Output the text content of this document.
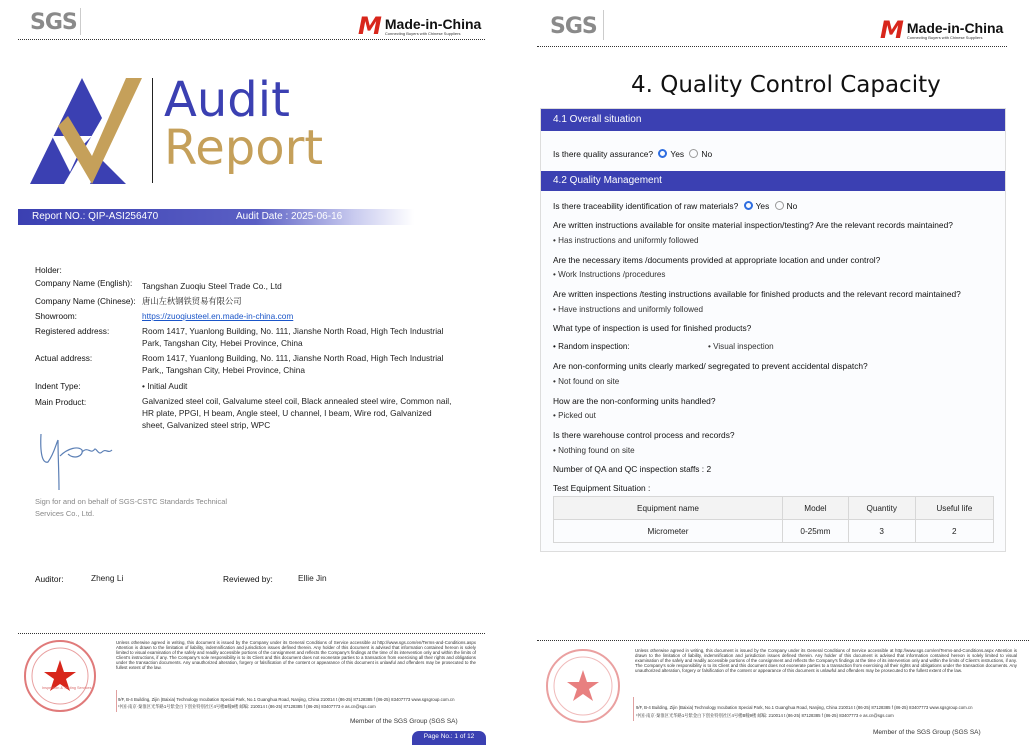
SGS	M Made-in-China
Connecting Buyers with Chinese Suppliers
Audit
Report
Report NO.: QIP-ASI256470	Audit Date : 2025-06-16
Holder:
Company Name (English): Tangshan Zuoqiu Steel Trade Co., Ltd
Company Name (Chinese): 唐山左秋钢铁贸易有限公司
Showroom:	https://zuoqiusteel.en.made-in-china.com
Registered address:	Room 1417, Yuanlong Building, No. 111, Jianshe North Road, High Tech Industrial Park, Tangshan City, Hebei Province, China
Actual address:	Room 1417, Yuanlong Building, No. 111, Jianshe North Road, High Tech Industrial Park,, Tangshan City, Hebei Province, China
Indent Type:	• Initial Audit
Main Product:	Galvanized steel coil, Galvalume steel coil, Black annealed steel wire, Common nail, HR plate, PPGI, H beam, Angle steel, U channel, I beam, Wire rod, Galvanized sheet, Galvanized steel strip, WPC
Sign for and on behalf of SGS-CSTC Standards Technical Services Co., Ltd.
Auditor:	Zheng Li	Reviewed by:	Ellie Jin
Inspection & Testing Services
Unless otherwise agreed in writing, this document is issued by the Company under its General Conditions of Service accessible at http://www.sgs.com/en/Terms-and-Conditions.aspx Attention is drawn to the limitation of liability, indemnification and jurisdiction issues defined therein. Any holder of this document is advised that information contained hereon is solely limited to visual examination of the safely and readily accessible portions of the consignment and reflects the Company's findings at the time of its intervention only and within the limits of Client's instructions, if any. The Company's sole responsibility is to its Client and this document does not exonerate parties to a transaction from exercising all their rights and obligations under the transaction documents. Any unauthorized alteration, forgery or falsification of the content or appearance of this document is unlawful and offenders may be prosecuted to the fullest extent of the law.
9/F, B-4 Building, Zijin (Baixia) Technology Incubation Special Park, No.1 Guanghua Road, Nanjing, China 210014 t (86-25) 87128385 f (86-25) 83407773 www.sgsgroup.com.cn
中国·南京·秦淮区光华路1号紫金白下创业特别社区4号楼B幢9楼 邮编: 210014 t (86-25) 87128385 f (86-25) 83407773 e as.cn@sgs.com
Member of the SGS Group (SGS SA)
Page No.: 1 of 12
SGS	M Made-in-China
Connecting Buyers with Chinese Suppliers
4. Quality Control Capacity
4.1 Overall situation
Is there quality assurance? Yes No
4.2 Quality Management
Is there traceability identification of raw materials? Yes No
Are written instructions available for onsite material inspection/testing? Are the relevant records maintained?
• Has instructions and uniformly followed
Are the necessary items /documents provided at appropriate location and under control?
• Work Instructions /procedures
Are written inspections /testing instructions available for finished products and the relevant record maintained?
• Have instructions and uniformly followed
What type of inspection is used for finished products?
• Random inspection:	• Visual inspection
Are non-conforming units clearly marked/ segregated to prevent accidental dispatch?
• Not found on site
How are the non-conforming units handled?
• Picked out
Is there warehouse control process and records?
• Nothing found on site
Number of QA and QC inspection staffs : 2
Test Equipment Situation :
Equipment name	Model	Quantity	Useful life
Micrometer	0-25mm	3	2
Unless otherwise agreed in writing, this document is issued by the Company under its General Conditions of Service accessible at http://www.sgs.com/en/Terms-and-Conditions.aspx Attention is drawn to the limitation of liability, indemnification and jurisdiction issues defined therein. Any holder of this document is advised that information contained hereon is solely limited to visual examination of the safely and readily accessible portions of the consignment and reflects the Company's findings at the time of its intervention only and within the limits of Client's instructions, if any. The Company's sole responsibility is to its Client and this document does not exonerate parties to a transaction from exercising all their rights and obligations under the transaction documents. Any unauthorized alteration, forgery or falsification of the content or appearance of this document is unlawful and offenders may be prosecuted to the fullest extent of the law.
9/F, B-4 Building, Zijin (Baixia) Technology Incubation Special Park, No.1 Guanghua Road, Nanjing, China 210014 t (86-25) 87128385 f (86-25) 83407773 www.sgsgroup.com.cn
中国·南京·秦淮区光华路1号紫金白下创业特别社区4号楼B幢9楼 邮编: 210014 t (86-25) 87128385 f (86-25) 83407773 e as.cn@sgs.com
Member of the SGS Group (SGS SA)
